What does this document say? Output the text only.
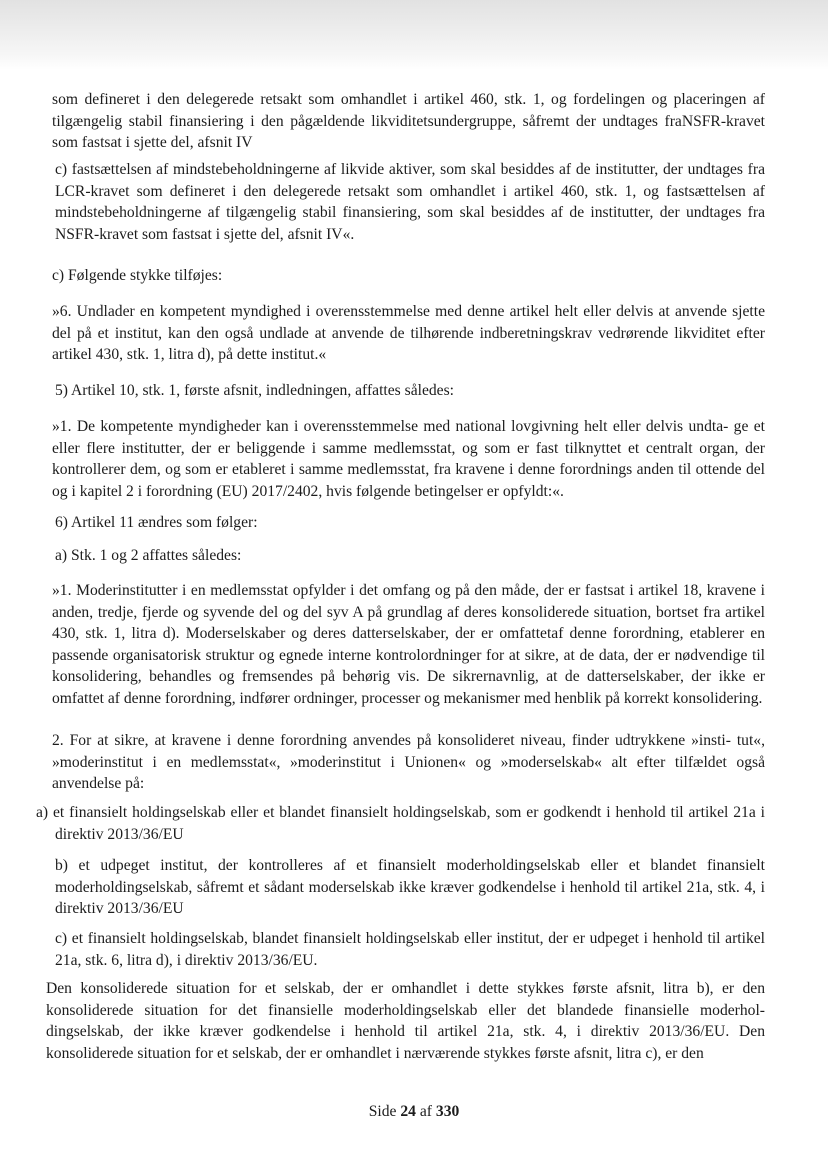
som defineret i den delegerede retsakt som omhandlet i artikel 460, stk. 1, og fordelingen og placeringen af tilgængelig stabil finansiering i den pågældende likviditetsundergruppe, såfremt der undtages fraNSFR-kravet som fastsat i sjette del, afsnit IV

c) fastsættelsen af mindstebeholdningerne af likvide aktiver, som skal besiddes af de institutter, der undtages fra LCR-kravet som defineret i den delegerede retsakt som omhandlet i artikel 460, stk. 1, og fastsættelsen af mindstebeholdningerne af tilgængelig stabil finansiering, som skal besiddes af de institutter, der undtages fra NSFR-kravet som fastsat i sjette del, afsnit IV«.

c) Følgende stykke tilføjes:

»6. Undlader en kompetent myndighed i overensstemmelse med denne artikel helt eller delvis at anvende sjette del på et institut, kan den også undlade at anvende de tilhørende indberetningskrav vedrørende likviditet efter artikel 430, stk. 1, litra d), på dette institut.«

5) Artikel 10, stk. 1, første afsnit, indledningen, affattes således:

»1. De kompetente myndigheder kan i overensstemmelse med national lovgivning helt eller delvis undta- ge et eller flere institutter, der er beliggende i samme medlemsstat, og som er fast tilknyttet et centralt organ, der kontrollerer dem, og som er etableret i samme medlemsstat, fra kravene i denne forordnings anden til ottende del og i kapitel 2 i forordning (EU) 2017/2402, hvis følgende betingelser er opfyldt:«.

6) Artikel 11 ændres som følger:

a) Stk. 1 og 2 affattes således:

»1. Moderinstitutter i en medlemsstat opfylder i det omfang og på den måde, der er fastsat i artikel 18, kravene i anden, tredje, fjerde og syvende del og del syv A på grundlag af deres konsoliderede situation, bortset fra artikel 430, stk. 1, litra d). Moderselskaber og deres datterselskaber, der er omfattetaf denne forordning, etablerer en passende organisatorisk struktur og egnede interne kontrolordninger for at sikre, at de data, der er nødvendige til konsolidering, behandles og fremsendes på behørig vis. De sikrernavnlig, at de datterselskaber, der ikke er omfattet af denne forordning, indfører ordninger, processer og mekanismer med henblik på korrekt konsolidering.

2. For at sikre, at kravene i denne forordning anvendes på konsolideret niveau, finder udtrykkene »insti- tut«, »moderinstitut i en medlemsstat«, »moderinstitut i Unionen« og »moderselskab« alt efter tilfældet også anvendelse på:

a) et finansielt holdingselskab eller et blandet finansielt holdingselskab, som er godkendt i henhold til artikel 21a i direktiv 2013/36/EU

b) et udpeget institut, der kontrolleres af et finansielt moderholdingselskab eller et blandet finansielt moderholdingselskab, såfremt et sådant moderselskab ikke kræver godkendelse i henhold til artikel 21a, stk. 4, i direktiv 2013/36/EU

c) et finansielt holdingselskab, blandet finansielt holdingselskab eller institut, der er udpeget i henhold til artikel 21a, stk. 6, litra d), i direktiv 2013/36/EU.

Den konsoliderede situation for et selskab, der er omhandlet i dette stykkes første afsnit, litra b), er den konsoliderede situation for det finansielle moderholdingselskab eller det blandede finansielle moderhol- dingselskab, der ikke kræver godkendelse i henhold til artikel 21a, stk. 4, i direktiv 2013/36/EU. Den konsoliderede situation for et selskab, der er omhandlet i nærværende stykkes første afsnit, litra c), er den

Side 24 af 330
